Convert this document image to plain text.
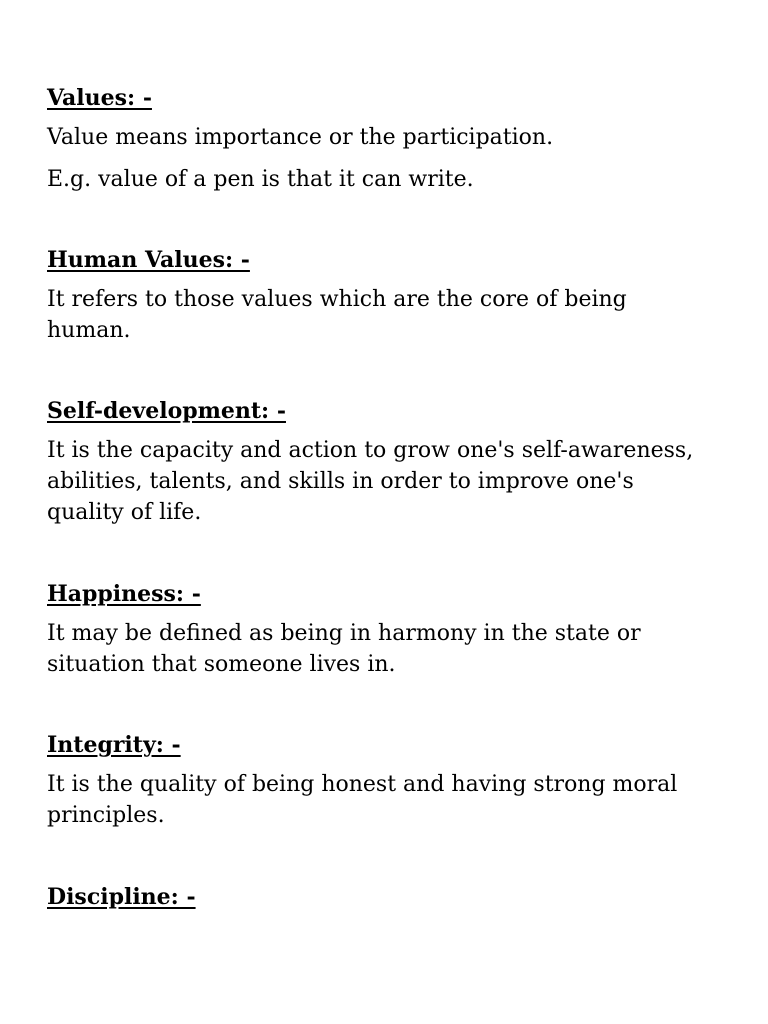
Values: -

Value means importance or the participation.

E.g. value of a pen is that it can write.

Human Values: -

It refers to those values which are the core of being human.

Self-development: -

It is the capacity and action to grow one's self-awareness, abilities, talents, and skills in order to improve one's quality of life.

Happiness: -

It may be defined as being in harmony in the state or situation that someone lives in.

Integrity: -

It is the quality of being honest and having strong moral principles.

Discipline: -
